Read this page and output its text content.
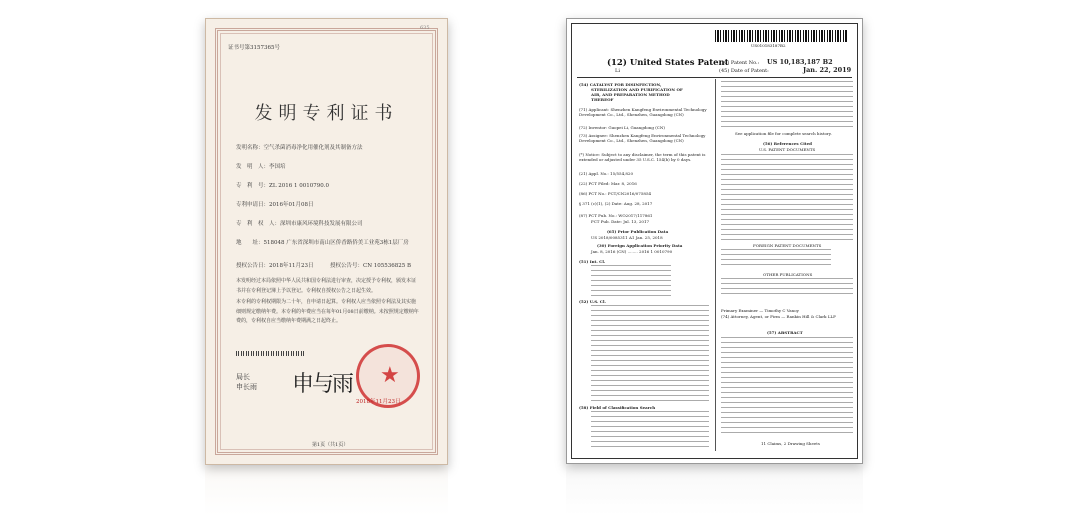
证书号第3157365号
635
发明专利证书
发明名称：空气杀菌消毒净化用催化剂及其制备方法
发　明　人：李国培
专　利　号：ZL 2016 1 0010790.0
专利申请日：2016年01月08日
专　利　权　人：深圳市康风环境科技发展有限公司
地　　址：518048 广东省深圳市南山区侨香路侨美工业苑3栋1层厂房
授权公告日：2018年11月23日	授权公告号：CN 105536825 B
本发明经过本局依照中华人民共和国专利法进行审查，决定授予专利权，颁发本证书并在专利登记簿上予以登记。专利权自授权公告之日起生效。
本专利的专利权期限为二十年，自申请日起算。专利权人应当依照专利法及其实施细则规定缴纳年费。本专利的年费应当在每年01月08日前缴纳。未按照规定缴纳年费的，专利权自应当缴纳年费期满之日起终止。
局长
申长雨 申与雨 ★
2018年11月23日
第1页（共1页）
US010183187B2
(12) United States Patent
Li
(10) Patent No.: US 10,183,187 B2
(45) Date of Patent:	Jan. 22, 2019
(54) CATALYST FOR DISINFECTION,
STERILIZATION AND PURIFICATION OF
AIR, AND PREPARATION METHOD
THEREOF
(71) Applicant: Shenzhen Kangfeng Environmental Technology Development Co., Ltd., Shenzhen, Guangdong (CN)
(72) Inventor: Guopei Li, Guangdong (CN)
(73) Assignee: Shenzhen Kangfeng Environmental Technology Development Co., Ltd., Shenzhen, Guangdong (CN)
(*) Notice: Subject to any disclaimer, the term of this patent is extended or adjusted under 35 U.S.C. 154(b) by 0 days.
(21) Appl. No.: 15/554,820
(22) PCT Filed: Mar. 8, 2016
(86) PCT No.: PCT/CN2016/075854
§ 371 (c)(1), (2) Date: Aug. 28, 2017
(87) PCT Pub. No.: WO2017/117861
PCT Pub. Date: Jul. 13, 2017
(65) Prior Publication Data
US 2018/0085311 A1 Jan. 25, 2018
(30) Foreign Application Priority Data
Jan. 8, 2016 (CN) ........ 2016 1 0010790
(51) Int. Cl.
(52) U.S. Cl.
(58) Field of Classification Search
See application file for complete search history.
(56) References Cited
U.S. PATENT DOCUMENTS
FOREIGN PATENT DOCUMENTS
OTHER PUBLICATIONS
Primary Examiner — Timothy C Vanoy
(74) Attorney, Agent, or Firm — Rankin Hill & Clark LLP
(57) ABSTRACT
11 Claims, 2 Drawing Sheets
